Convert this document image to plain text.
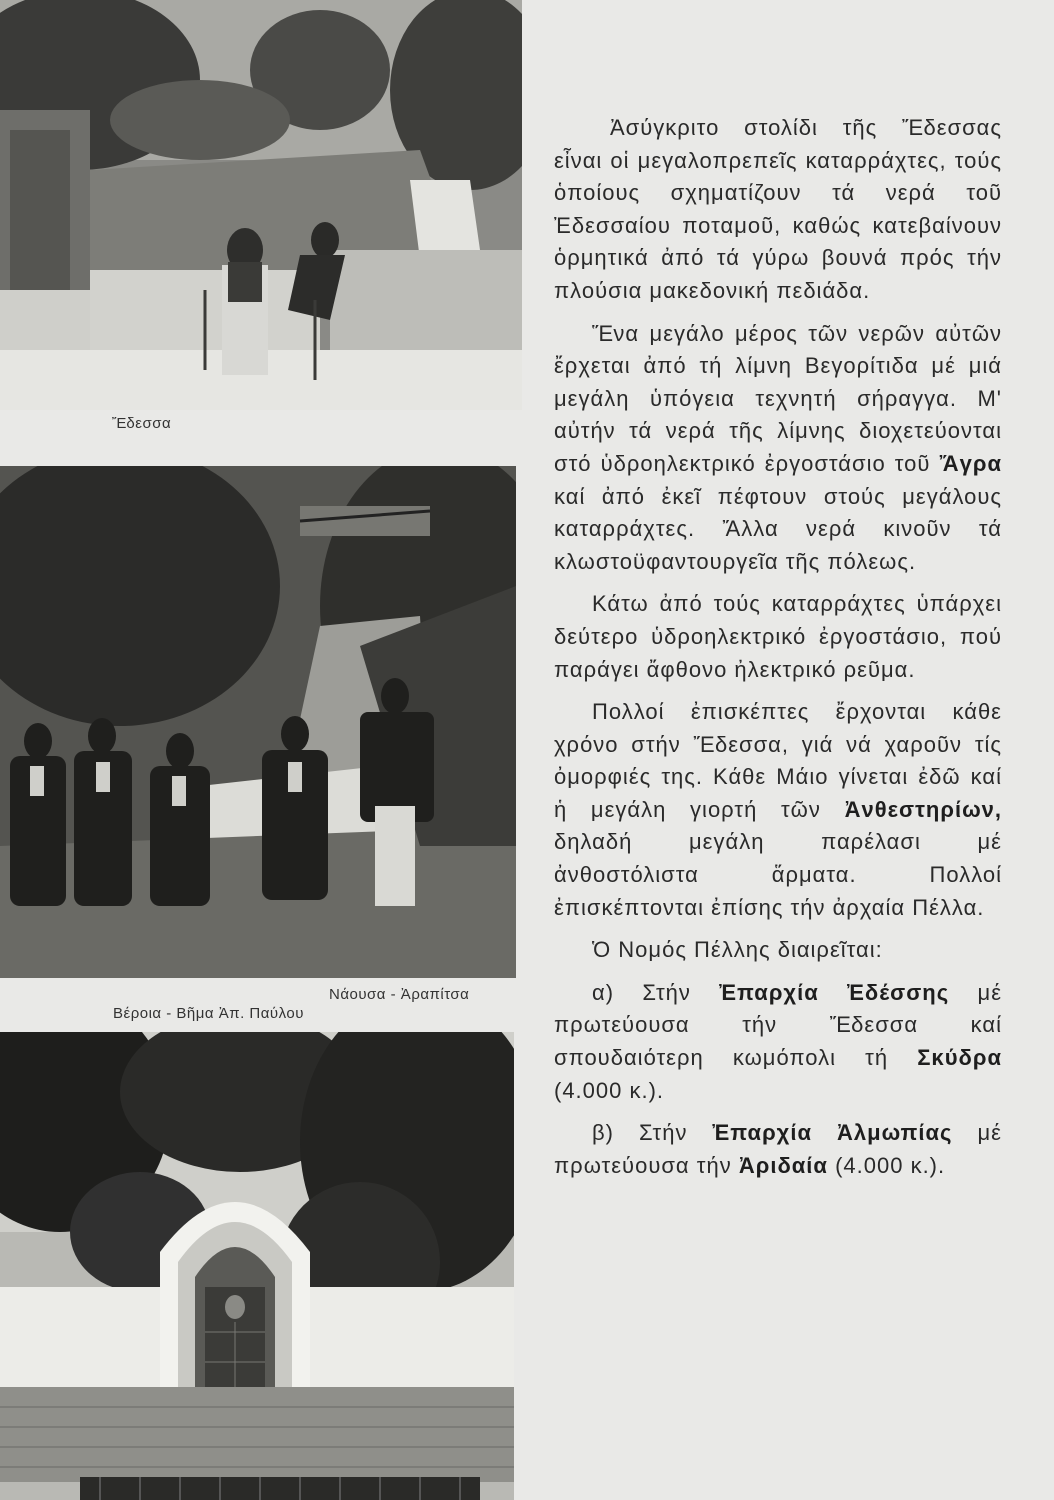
Ἔδεσσα
Νάουσα - Ἀραπίτσα
Βέροια - Βῆμα Ἀπ. Παύλου

Ἀσύγκριτο στολίδι τῆς Ἔδεσσας εἶναι οἱ μεγαλοπρεπεῖς καταρράχτες, τούς ὁποίους σχηματίζουν τά νερά τοῦ Ἐδεσσαίου ποταμοῦ, καθώς κατεβαίνουν ὁρμητικά ἀπό τά γύρω βουνά πρός τήν πλούσια μακεδονική πεδιάδα.

Ἕνα μεγάλο μέρος τῶν νερῶν αὐτῶν ἔρχεται ἀπό τή λίμνη Βεγορίτιδα μέ μιά μεγάλη ὑπόγεια τεχνητή σήραγγα. Μ' αὐτήν τά νερά τῆς λίμνης διοχετεύονται στό ὑδροηλεκτρικό ἐργοστάσιο τοῦ Ἄγρα καί ἀπό ἐκεῖ πέφτουν στούς μεγάλους καταρράχτες. Ἄλλα νερά κινοῦν τά κλωστοϋφαντουργεῖα τῆς πόλεως.

Κάτω ἀπό τούς καταρράχτες ὑπάρχει δεύτερο ὑδροηλεκτρικό ἐργοστάσιο, πού παράγει ἄφθονο ἠλεκτρικό ρεῦμα.

Πολλοί ἐπισκέπτες ἔρχονται κάθε χρόνο στήν Ἔδεσσα, γιά νά χαροῦν τίς ὀμορφιές της. Κάθε Μάιο γίνεται ἐδῶ καί ἡ μεγάλη γιορτή τῶν Ἀνθεστηρίων, δηλαδή μεγάλη παρέλασι μέ ἀνθοστόλιστα ἅρματα. Πολλοί ἐπισκέπτονται ἐπίσης τήν ἀρχαία Πέλλα.

Ὁ Νομός Πέλλης διαιρεῖται:

α) Στήν Ἐπαρχία Ἐδέσσης μέ πρωτεύουσα τήν Ἔδεσσα καί σπουδαιότερη κωμόπολι τή Σκύδρα (4.000 κ.).

β) Στήν Ἐπαρχία Ἀλμωπίας μέ πρωτεύουσα τήν Ἀριδαία (4.000 κ.).
